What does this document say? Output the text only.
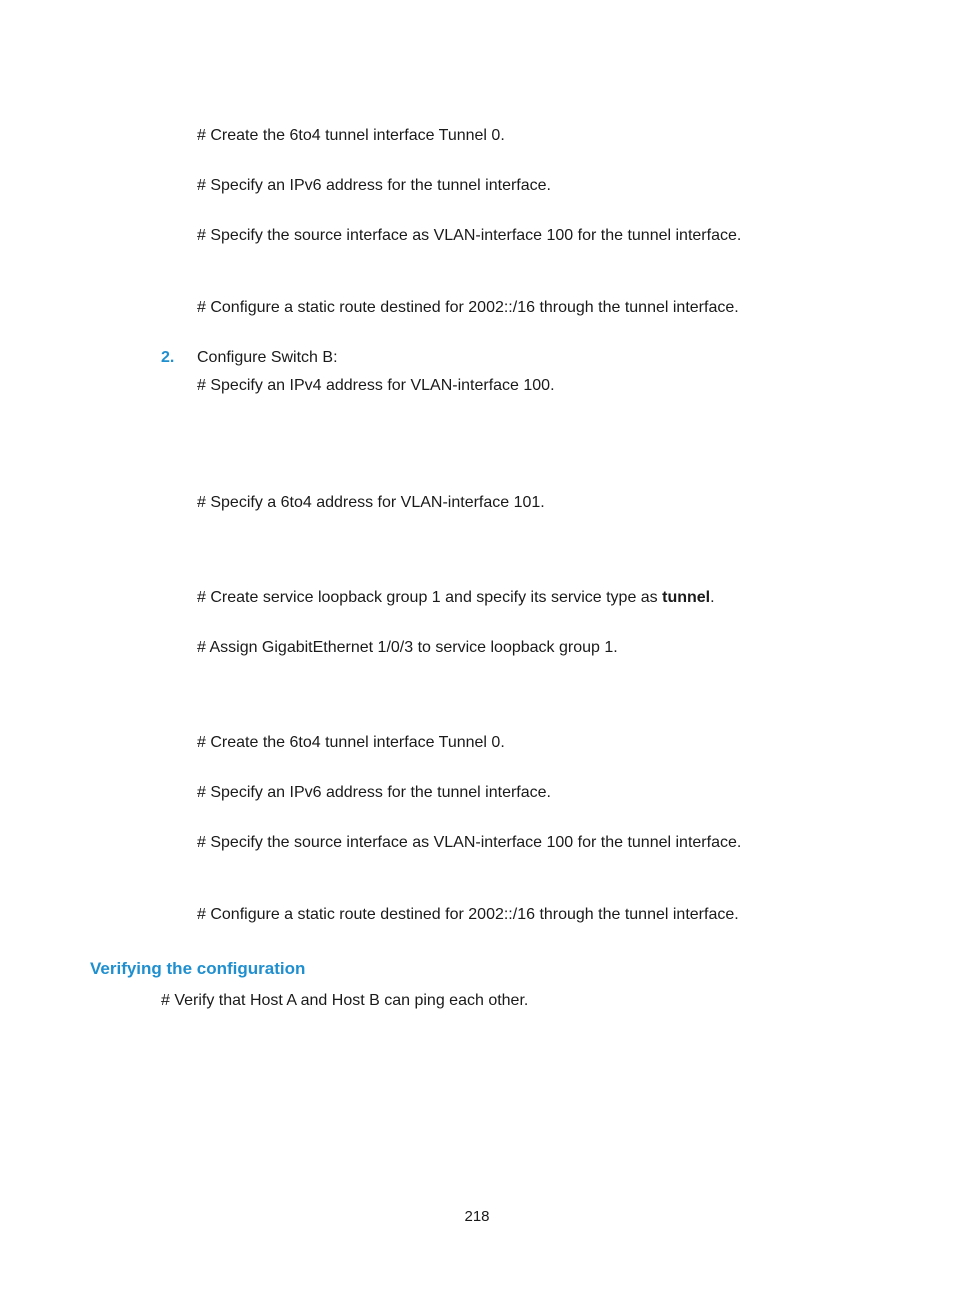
# Create the 6to4 tunnel interface Tunnel 0.
# Specify an IPv6 address for the tunnel interface.
# Specify the source interface as VLAN-interface 100 for the tunnel interface.
# Configure a static route destined for 2002::/16 through the tunnel interface.
2. Configure Switch B:
# Specify an IPv4 address for VLAN-interface 100.
# Specify a 6to4 address for VLAN-interface 101.
# Create service loopback group 1 and specify its service type as tunnel.
# Assign GigabitEthernet 1/0/3 to service loopback group 1.
# Create the 6to4 tunnel interface Tunnel 0.
# Specify an IPv6 address for the tunnel interface.
# Specify the source interface as VLAN-interface 100 for the tunnel interface.
# Configure a static route destined for 2002::/16 through the tunnel interface.
Verifying the configuration
# Verify that Host A and Host B can ping each other.
218
